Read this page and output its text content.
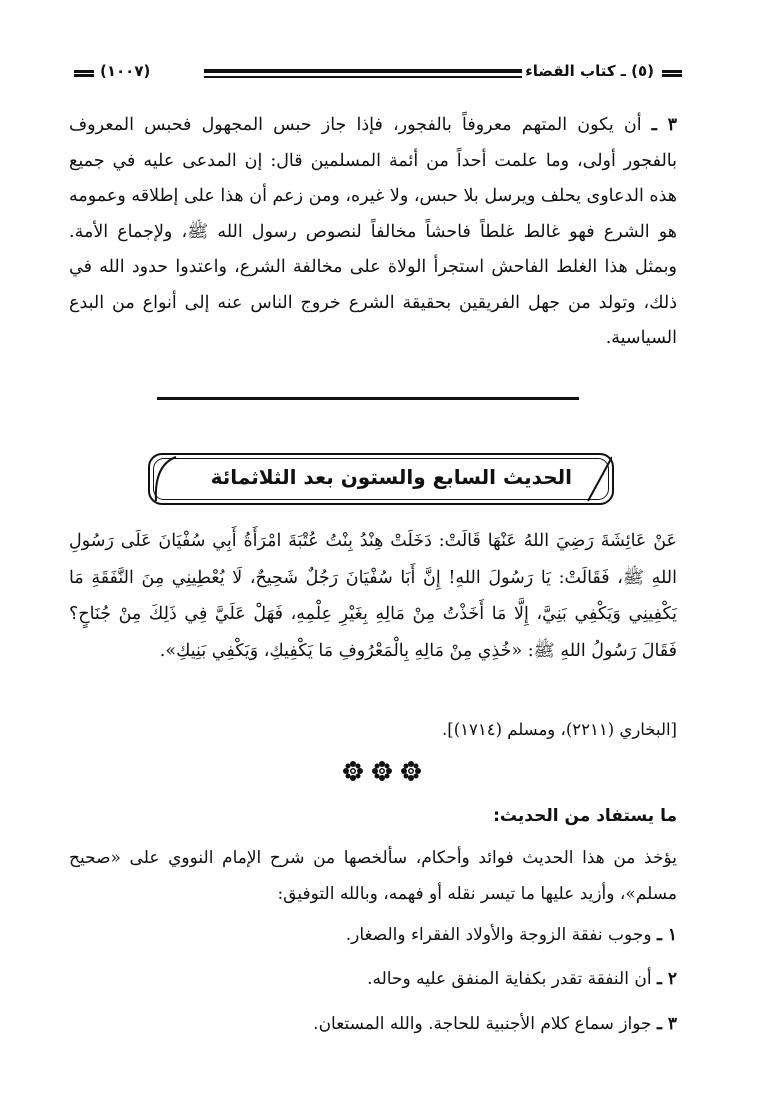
(٥) ـ كتاب القضاء
(١٠٠٧)
٣ ـ أن يكون المتهم معروفاً بالفجور، فإذا جاز حبس المجهول فحبس المعروف بالفجور أولى، وما علمت أحداً من أئمة المسلمين قال: إن المدعى عليه في جميع هذه الدعاوى يحلف ويرسل بلا حبس، ولا غيره، ومن زعم أن هذا على إطلاقه وعمومه هو الشرع فهو غالط غلطاً فاحشاً مخالفاً لنصوص رسول الله ﷺ، ولإجماع الأمة. وبمثل هذا الغلط الفاحش استجرأ الولاة على مخالفة الشرع، واعتدوا حدود الله في ذلك، وتولد من جهل الفريقين بحقيقة الشرع خروج الناس عنه إلى أنواع من البدع السياسية.
الحديث السابع والستون بعد الثلاثمائة
عَنْ عَائِشَةَ رَضِيَ اللهُ عَنْهَا قَالَتْ: دَخَلَتْ هِنْدُ بِنْتُ عُتْبَةَ امْرَأَةُ أَبِي سُفْيَانَ عَلَى رَسُولِ اللهِ ﷺ، فَقَالَتْ: يَا رَسُولَ اللهِ! إِنَّ أَبَا سُفْيَانَ رَجُلٌ شَحِيحٌ، لَا يُعْطِينِي مِنَ النَّفَقَةِ مَا يَكْفِينِي وَيَكْفِي بَنِيَّ، إِلَّا مَا أَخَذْتُ مِنْ مَالِهِ بِغَيْرِ عِلْمِهِ، فَهَلْ عَلَيَّ فِي ذَلِكَ مِنْ جُنَاحٍ؟ فَقَالَ رَسُولُ اللهِ ﷺ: «خُذِي مِنْ مَالِهِ بِالْمَعْرُوفِ مَا يَكْفِيكِ، وَيَكْفِي بَنِيكِ».
[البخاري (٢٢١١)، ومسلم (١٧١٤)].
ما يستفاد من الحديث:
يؤخذ من هذا الحديث فوائد وأحكام، سألخصها من شرح الإمام النووي على «صحيح مسلم»، وأزيد عليها ما تيسر نقله أو فهمه، وبالله التوفيق:
١ ـ وجوب نفقة الزوجة والأولاد الفقراء والصغار.
٢ ـ أن النفقة تقدر بكفاية المنفق عليه وحاله.
٣ ـ جواز سماع كلام الأجنبية للحاجة. والله المستعان.
